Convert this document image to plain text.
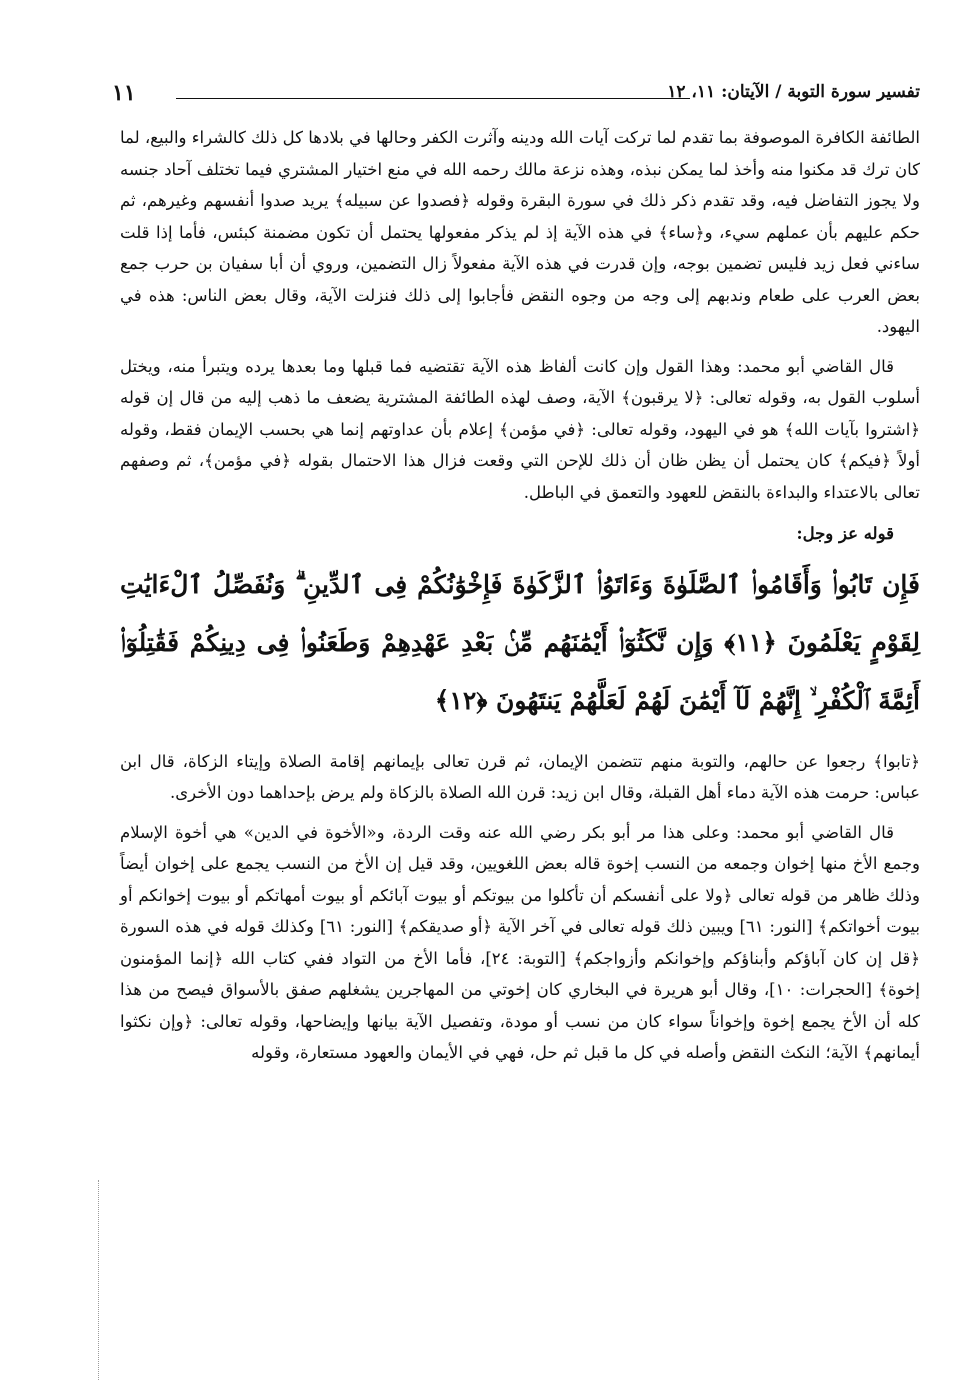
تفسير سورة التوبة / الآيتان: ١١، ١٢
١١

الطائفة الكافرة الموصوفة بما تقدم لما تركت آيات الله ودينه وآثرت الكفر وحالها في بلادها كل ذلك كالشراء والبيع، لما كان ترك قد مكنوا منه وأخذ لما يمكن نبذه، وهذه نزعة مالك رحمه الله في منع اختيار المشتري فيما تختلف آحاد جنسه ولا يجوز التفاضل فيه، وقد تقدم ذكر ذلك في سورة البقرة وقوله ﴿فصدوا عن سبيله﴾ يريد صدوا أنفسهم وغيرهم، ثم حكم عليهم بأن عملهم سيء، و﴿ساء﴾ في هذه الآية إذ لم يذكر مفعولها يحتمل أن تكون مضمنة كبئس، فأما إذا قلت ساءني فعل زيد فليس تضمين بوجه، وإن قدرت في هذه الآية مفعولاً زال التضمين، وروي أن أبا سفيان بن حرب جمع بعض العرب على طعام وندبهم إلى وجه من وجوه النقض فأجابوا إلى ذلك فنزلت الآية، وقال بعض الناس: هذه في اليهود.

قال القاضي أبو محمد: وهذا القول وإن كانت ألفاظ هذه الآية تقتضيه فما قبلها وما بعدها يرده ويتبرأ منه، ويختل أسلوب القول به، وقوله تعالى: ﴿لا يرقبون﴾ الآية، وصف لهذه الطائفة المشترية يضعف ما ذهب إليه من قال إن قوله ﴿اشتروا بآيات الله﴾ هو في اليهود، وقوله تعالى: ﴿في مؤمن﴾ إعلام بأن عداوتهم إنما هي بحسب الإيمان فقط، وقوله أولاً ﴿فيكم﴾ كان يحتمل أن يظن ظان أن ذلك للإحن التي وقعت فزال هذا الاحتمال بقوله ﴿في مؤمن﴾، ثم وصفهم تعالى بالاعتداء والبداءة بالنقض للعهود والتعمق في الباطل.

قوله عز وجل:

فَإِن تَابُوا۟ وَأَقَامُوا۟ ٱلصَّلَوٰةَ وَءَاتَوُا۟ ٱلزَّكَوٰةَ فَإِخْوَٰنُكُمْ فِى ٱلدِّينِ ۗ وَنُفَصِّلُ ٱلْءَايَٰتِ لِقَوْمٍ يَعْلَمُونَ ﴿١١﴾ وَإِن نَّكَثُوٓا۟ أَيْمَٰنَهُم مِّنۢ بَعْدِ عَهْدِهِمْ وَطَعَنُوا۟ فِى دِينِكُمْ فَقَٰتِلُوٓا۟ أَئِمَّةَ ٱلْكُفْرِ ۙ إِنَّهُمْ لَآ أَيْمَٰنَ لَهُمْ لَعَلَّهُمْ يَنتَهُونَ ﴿١٢﴾

﴿تابوا﴾ رجعوا عن حالهم، والتوبة منهم تتضمن الإيمان، ثم قرن تعالى بإيمانهم إقامة الصلاة وإيتاء الزكاة، قال ابن عباس: حرمت هذه الآية دماء أهل القبلة، وقال ابن زيد: قرن الله الصلاة بالزكاة ولم يرض بإحداهما دون الأخرى.

قال القاضي أبو محمد: وعلى هذا مر أبو بكر رضي الله عنه وقت الردة، و«الأخوة في الدين» هي أخوة الإسلام وجمع الأخ منها إخوان وجمعه من النسب إخوة قاله بعض اللغويين، وقد قيل إن الأخ من النسب يجمع على إخوان أيضاً وذلك ظاهر من قوله تعالى ﴿ولا على أنفسكم أن تأكلوا من بيوتكم أو بيوت آبائكم أو بيوت أمهاتكم أو بيوت إخوانكم أو بيوت أخواتكم﴾ [النور: ٦١] ويبين ذلك قوله تعالى في آخر الآية ﴿أو صديقكم﴾ [النور: ٦١] وكذلك قوله في هذه السورة ﴿قل إن كان آباؤكم وأبناؤكم وإخوانكم وأزواجكم﴾ [التوبة: ٢٤]، فأما الأخ من التواد ففي كتاب الله ﴿إنما المؤمنون إخوة﴾ [الحجرات: ١٠]، وقال أبو هريرة في البخاري كان إخوتي من المهاجرين يشغلهم صفق بالأسواق فيصح من هذا كله أن الأخ يجمع إخوة وإخواناً سواء كان من نسب أو مودة، وتفصيل الآية بيانها وإيضاحها، وقوله تعالى: ﴿وإن نكثوا أيمانهم﴾ الآية؛ النكث النقض وأصله في كل ما قبل ثم حل، فهي في الأيمان والعهود مستعارة، وقوله
